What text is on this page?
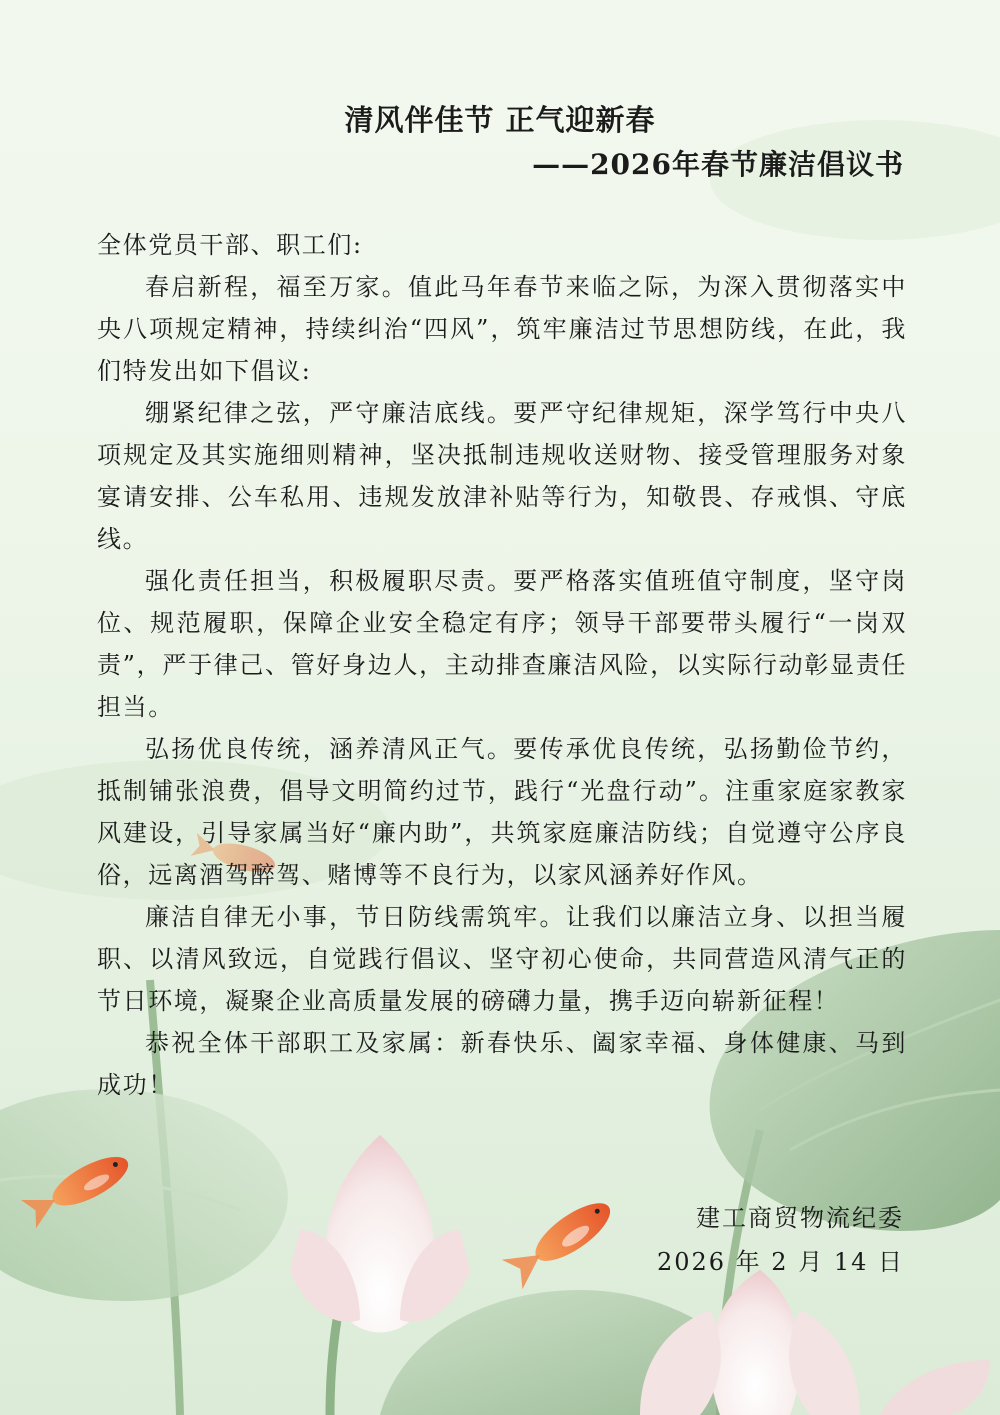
清风伴佳节 正气迎新春
——2026年春节廉洁倡议书

全体党员干部、职工们:

春启新程，福至万家。值此马年春节来临之际，为深入贯彻落实中央八项规定精神，持续纠治“四风”，筑牢廉洁过节思想防线，在此，我们特发出如下倡议:

绷紧纪律之弦，严守廉洁底线。要严守纪律规矩，深学笃行中央八项规定及其实施细则精神，坚决抵制违规收送财物、接受管理服务对象宴请安排、公车私用、违规发放津补贴等行为，知敬畏、存戒惧、守底线。

强化责任担当，积极履职尽责。要严格落实值班值守制度，坚守岗位、规范履职，保障企业安全稳定有序；领导干部要带头履行“一岗双责”，严于律己、管好身边人，主动排查廉洁风险，以实际行动彰显责任担当。

弘扬优良传统，涵养清风正气。要传承优良传统，弘扬勤俭节约，抵制铺张浪费，倡导文明简约过节，践行“光盘行动”。注重家庭家教家风建设，引导家属当好“廉内助”，共筑家庭廉洁防线；自觉遵守公序良俗，远离酒驾醉驾、赌博等不良行为，以家风涵养好作风。

廉洁自律无小事，节日防线需筑牢。让我们以廉洁立身、以担当履职、以清风致远，自觉践行倡议、坚守初心使命，共同营造风清气正的节日环境，凝聚企业高质量发展的磅礴力量，携手迈向崭新征程！

恭祝全体干部职工及家属：新春快乐、阖家幸福、身体健康、马到成功！

建工商贸物流纪委

2026 年 2 月 14 日
